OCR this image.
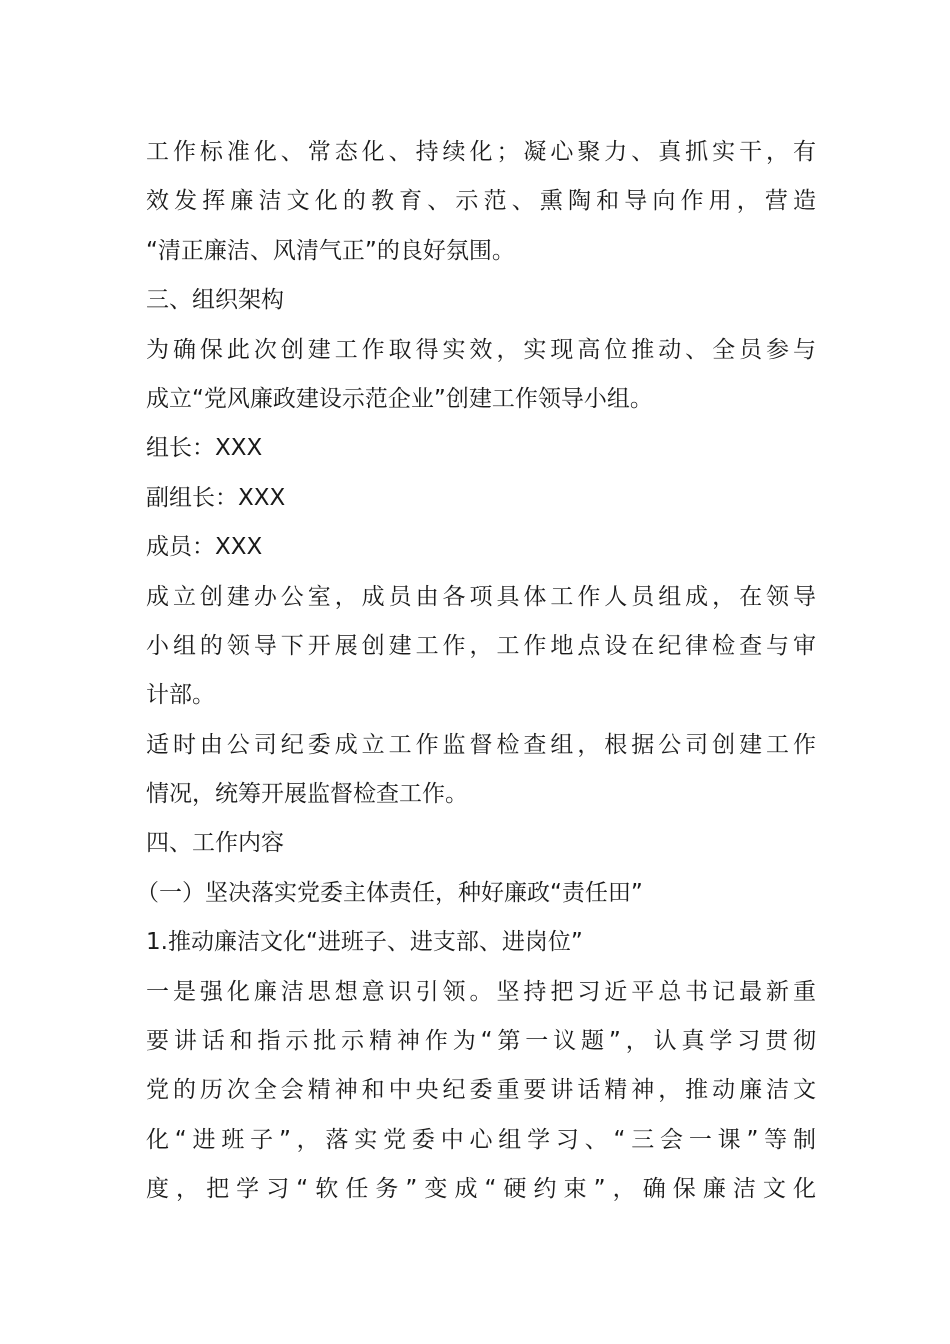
工作标准化、常态化、持续化；凝心聚力、真抓实干，有
效发挥廉洁文化的教育、示范、熏陶和导向作用，营造
“清正廉洁、风清气正”的良好氛围。
三、组织架构
为确保此次创建工作取得实效，实现高位推动、全员参与
成立“党风廉政建设示范企业”创建工作领导小组。
组长：XXX
副组长：XXX
成员：XXX
成立创建办公室，成员由各项具体工作人员组成，在领导
小组的领导下开展创建工作，工作地点设在纪律检查与审
计部。
适时由公司纪委成立工作监督检查组，根据公司创建工作
情况，统筹开展监督检查工作。
四、工作内容
（一）坚决落实党委主体责任，种好廉政“责任田”
1.推动廉洁文化“进班子、进支部、进岗位”
一是强化廉洁思想意识引领。坚持把习近平总书记最新重
要讲话和指示批示精神作为“第一议题”，认真学习贯彻
党的历次全会精神和中央纪委重要讲话精神，推动廉洁文
化“进班子”，落实党委中心组学习、“三会一课”等制
度，把学习“软任务”变成“硬约束”，确保廉洁文化
